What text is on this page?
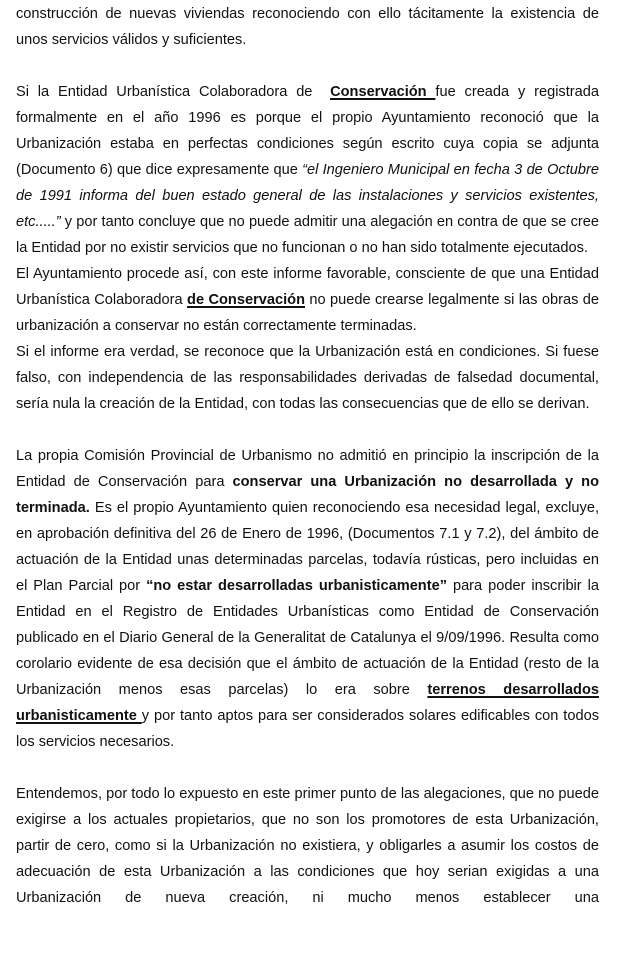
construcción de nuevas viviendas reconociendo con ello tácitamente la existencia de unos servicios válidos y suficientes.

Si la Entidad Urbanística Colaboradora de  Conservación fue creada y registrada formalmente en el año 1996 es porque el propio Ayuntamiento reconoció que la Urbanización estaba en perfectas condiciones según escrito cuya copia se adjunta (Documento 6) que dice expresamente que “el Ingeniero Municipal en fecha 3 de Octubre de 1991 informa del buen estado general de las instalaciones y servicios existentes, etc.....” y por tanto concluye que no puede admitir una alegación en contra de que se cree la Entidad por no existir servicios que no funcionan o no han sido totalmente ejecutados.

El Ayuntamiento procede así, con este informe favorable, consciente de que una Entidad Urbanística Colaboradora de Conservación no puede crearse legalmente si las obras de urbanización a conservar no están correctamente terminadas.

Si el informe era verdad, se reconoce que la Urbanización está en condiciones. Si fuese falso, con independencia de las responsabilidades derivadas de falsedad documental, sería nula la creación de la Entidad, con todas las consecuencias que de ello se derivan.

La propia Comisión Provincial de Urbanismo no admitió en principio la inscripción de la Entidad de Conservación para conservar una Urbanización no desarrollada y no terminada. Es el propio Ayuntamiento quien reconociendo esa necesidad legal, excluye, en aprobación definitiva del 26 de Enero de 1996, (Documentos 7.1 y 7.2), del ámbito de actuación de la Entidad unas determinadas parcelas, todavía rústicas, pero incluidas en el Plan Parcial por “no estar desarrolladas urbanisticamente” para poder inscribir la Entidad en el Registro de Entidades Urbanísticas como Entidad de Conservación publicado en el Diario General de la Generalitat de Catalunya el 9/09/1996. Resulta como corolario evidente de esa decisión que el ámbito de actuación de la Entidad (resto de la Urbanización menos esas parcelas) lo era sobre terrenos desarrollados urbanisticamente y por tanto aptos para ser considerados solares edificables con todos los servicios necesarios.

Entendemos, por todo lo expuesto en este primer punto de las alegaciones, que no puede exigirse a los actuales propietarios, que no son los promotores de esta Urbanización, partir de cero, como si la Urbanización no existiera, y obligarles a asumir los costos de adecuación de esta Urbanización a las condiciones que hoy serian exigidas a una Urbanización de nueva creación, ni mucho menos establecer una
